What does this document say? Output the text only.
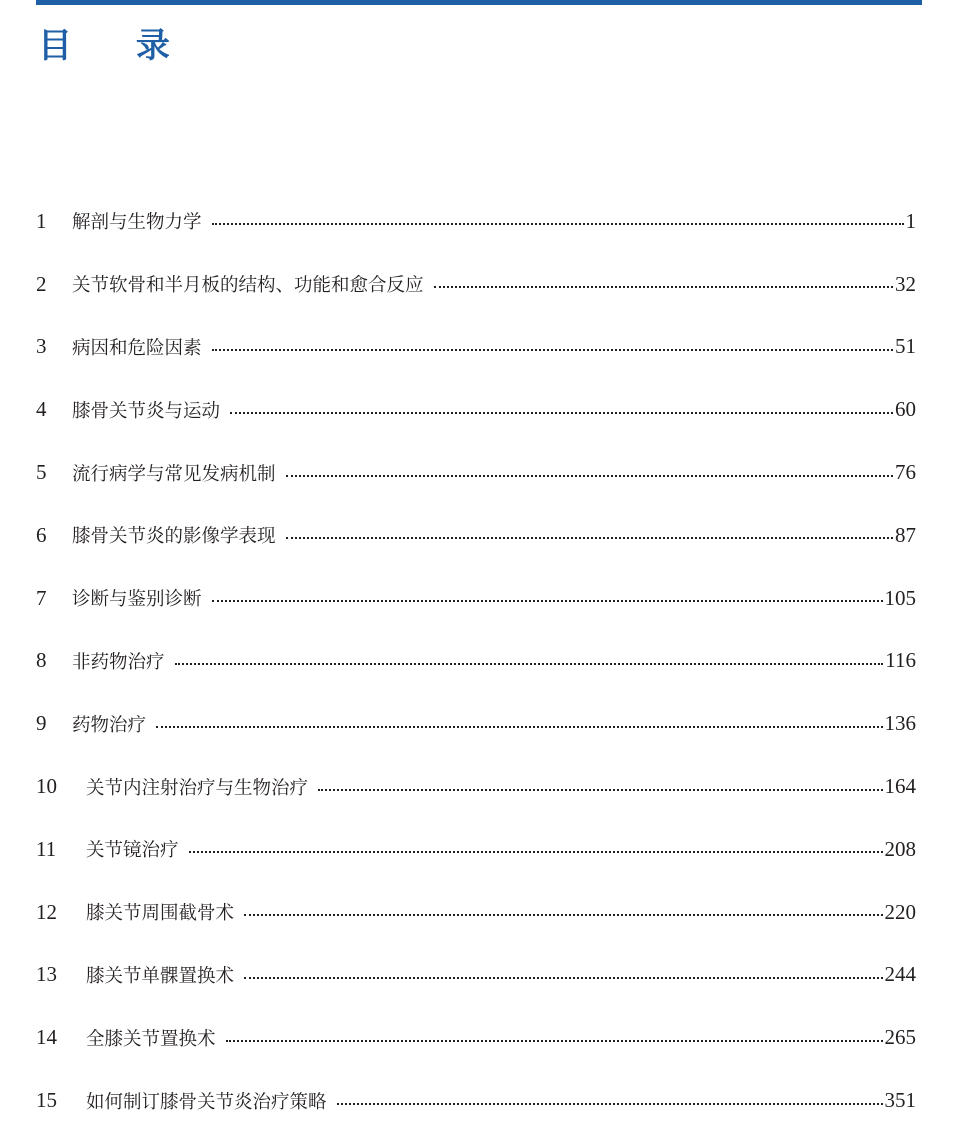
目 录
1	解剖与生物力学	1
2	关节软骨和半月板的结构、功能和愈合反应	32
3	病因和危险因素	51
4	膝骨关节炎与运动	60
5	流行病学与常见发病机制	76
6	膝骨关节炎的影像学表现	87
7	诊断与鉴别诊断	105
8	非药物治疗	116
9	药物治疗	136
10	关节内注射治疗与生物治疗	164
11	关节镜治疗	208
12	膝关节周围截骨术	220
13	膝关节单髁置换术	244
14	全膝关节置换术	265
15	如何制订膝骨关节炎治疗策略	351
